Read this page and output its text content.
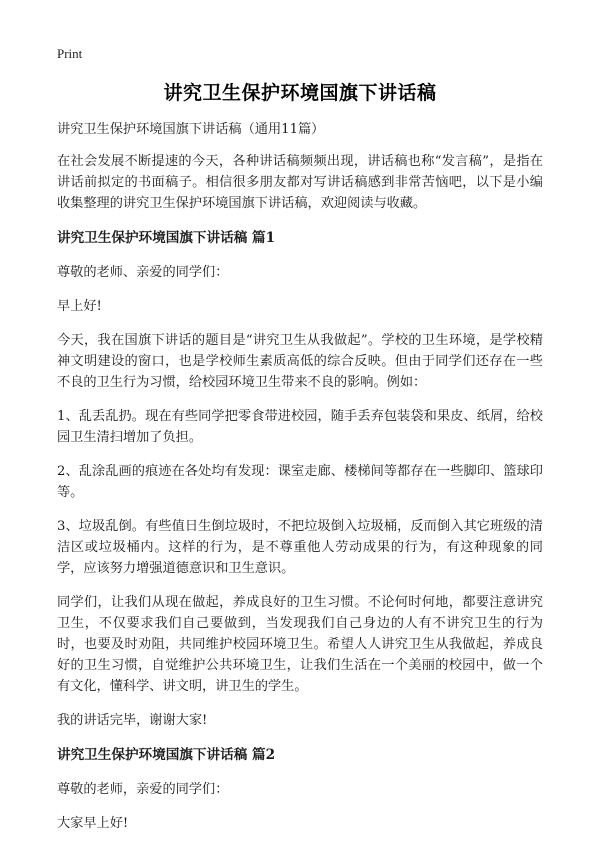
Print
讲究卫生保护环境国旗下讲话稿

讲究卫生保护环境国旗下讲话稿（通用11篇）

在社会发展不断提速的今天，各种讲话稿频频出现，讲话稿也称“发言稿”，是指在讲话前拟定的书面稿子。相信很多朋友都对写讲话稿感到非常苦恼吧，以下是小编收集整理的讲究卫生保护环境国旗下讲话稿，欢迎阅读与收藏。

讲究卫生保护环境国旗下讲话稿 篇1

尊敬的老师、亲爱的同学们：

早上好!

今天，我在国旗下讲话的题目是“讲究卫生从我做起”。学校的卫生环境，是学校精神文明建设的窗口，也是学校师生素质高低的综合反映。但由于同学们还存在一些不良的卫生行为习惯，给校园环境卫生带来不良的影响。例如：

1、乱丢乱扔。现在有些同学把零食带进校园，随手丢弃包装袋和果皮、纸屑，给校园卫生清扫增加了负担。

2、乱涂乱画的痕迹在各处均有发现：课室走廊、楼梯间等都存在一些脚印、篮球印等。

3、垃圾乱倒。有些值日生倒垃圾时，不把垃圾倒入垃圾桶，反而倒入其它班级的清洁区或垃圾桶内。这样的行为，是不尊重他人劳动成果的行为，有这种现象的同学，应该努力增强道德意识和卫生意识。

同学们，让我们从现在做起，养成良好的卫生习惯。不论何时何地，都要注意讲究卫生，不仅要求我们自己要做到，当发现我们自己身边的人有不讲究卫生的行为时，也要及时劝阻，共同维护校园环境卫生。希望人人讲究卫生从我做起，养成良好的卫生习惯，自觉维护公共环境卫生，让我们生活在一个美丽的校园中，做一个有文化，懂科学、讲文明，讲卫生的学生。

我的讲话完毕，谢谢大家!

讲究卫生保护环境国旗下讲话稿 篇2

尊敬的老师，亲爱的同学们：

大家早上好!
